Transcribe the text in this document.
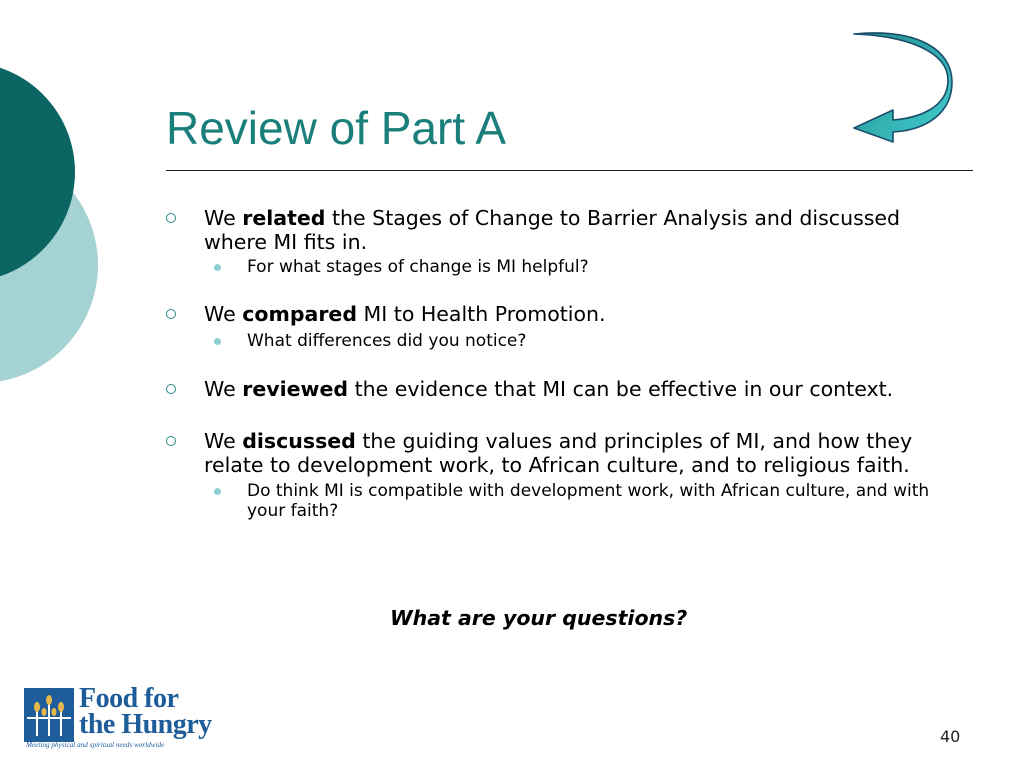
Review of Part A

We related the Stages of Change to Barrier Analysis and discussed where MI fits in.

For what stages of change is MI helpful?

We compared MI to Health Promotion.

What differences did you notice?

We reviewed the evidence that MI can be effective in our context.

We discussed the guiding values and principles of MI, and how they relate to development work, to African culture, and to religious faith.

Do think MI is compatible with development work, with African culture, and with your faith?

What are your questions?
Food for
the Hungry
Meeting physical and spiritual needs worldwide	40
